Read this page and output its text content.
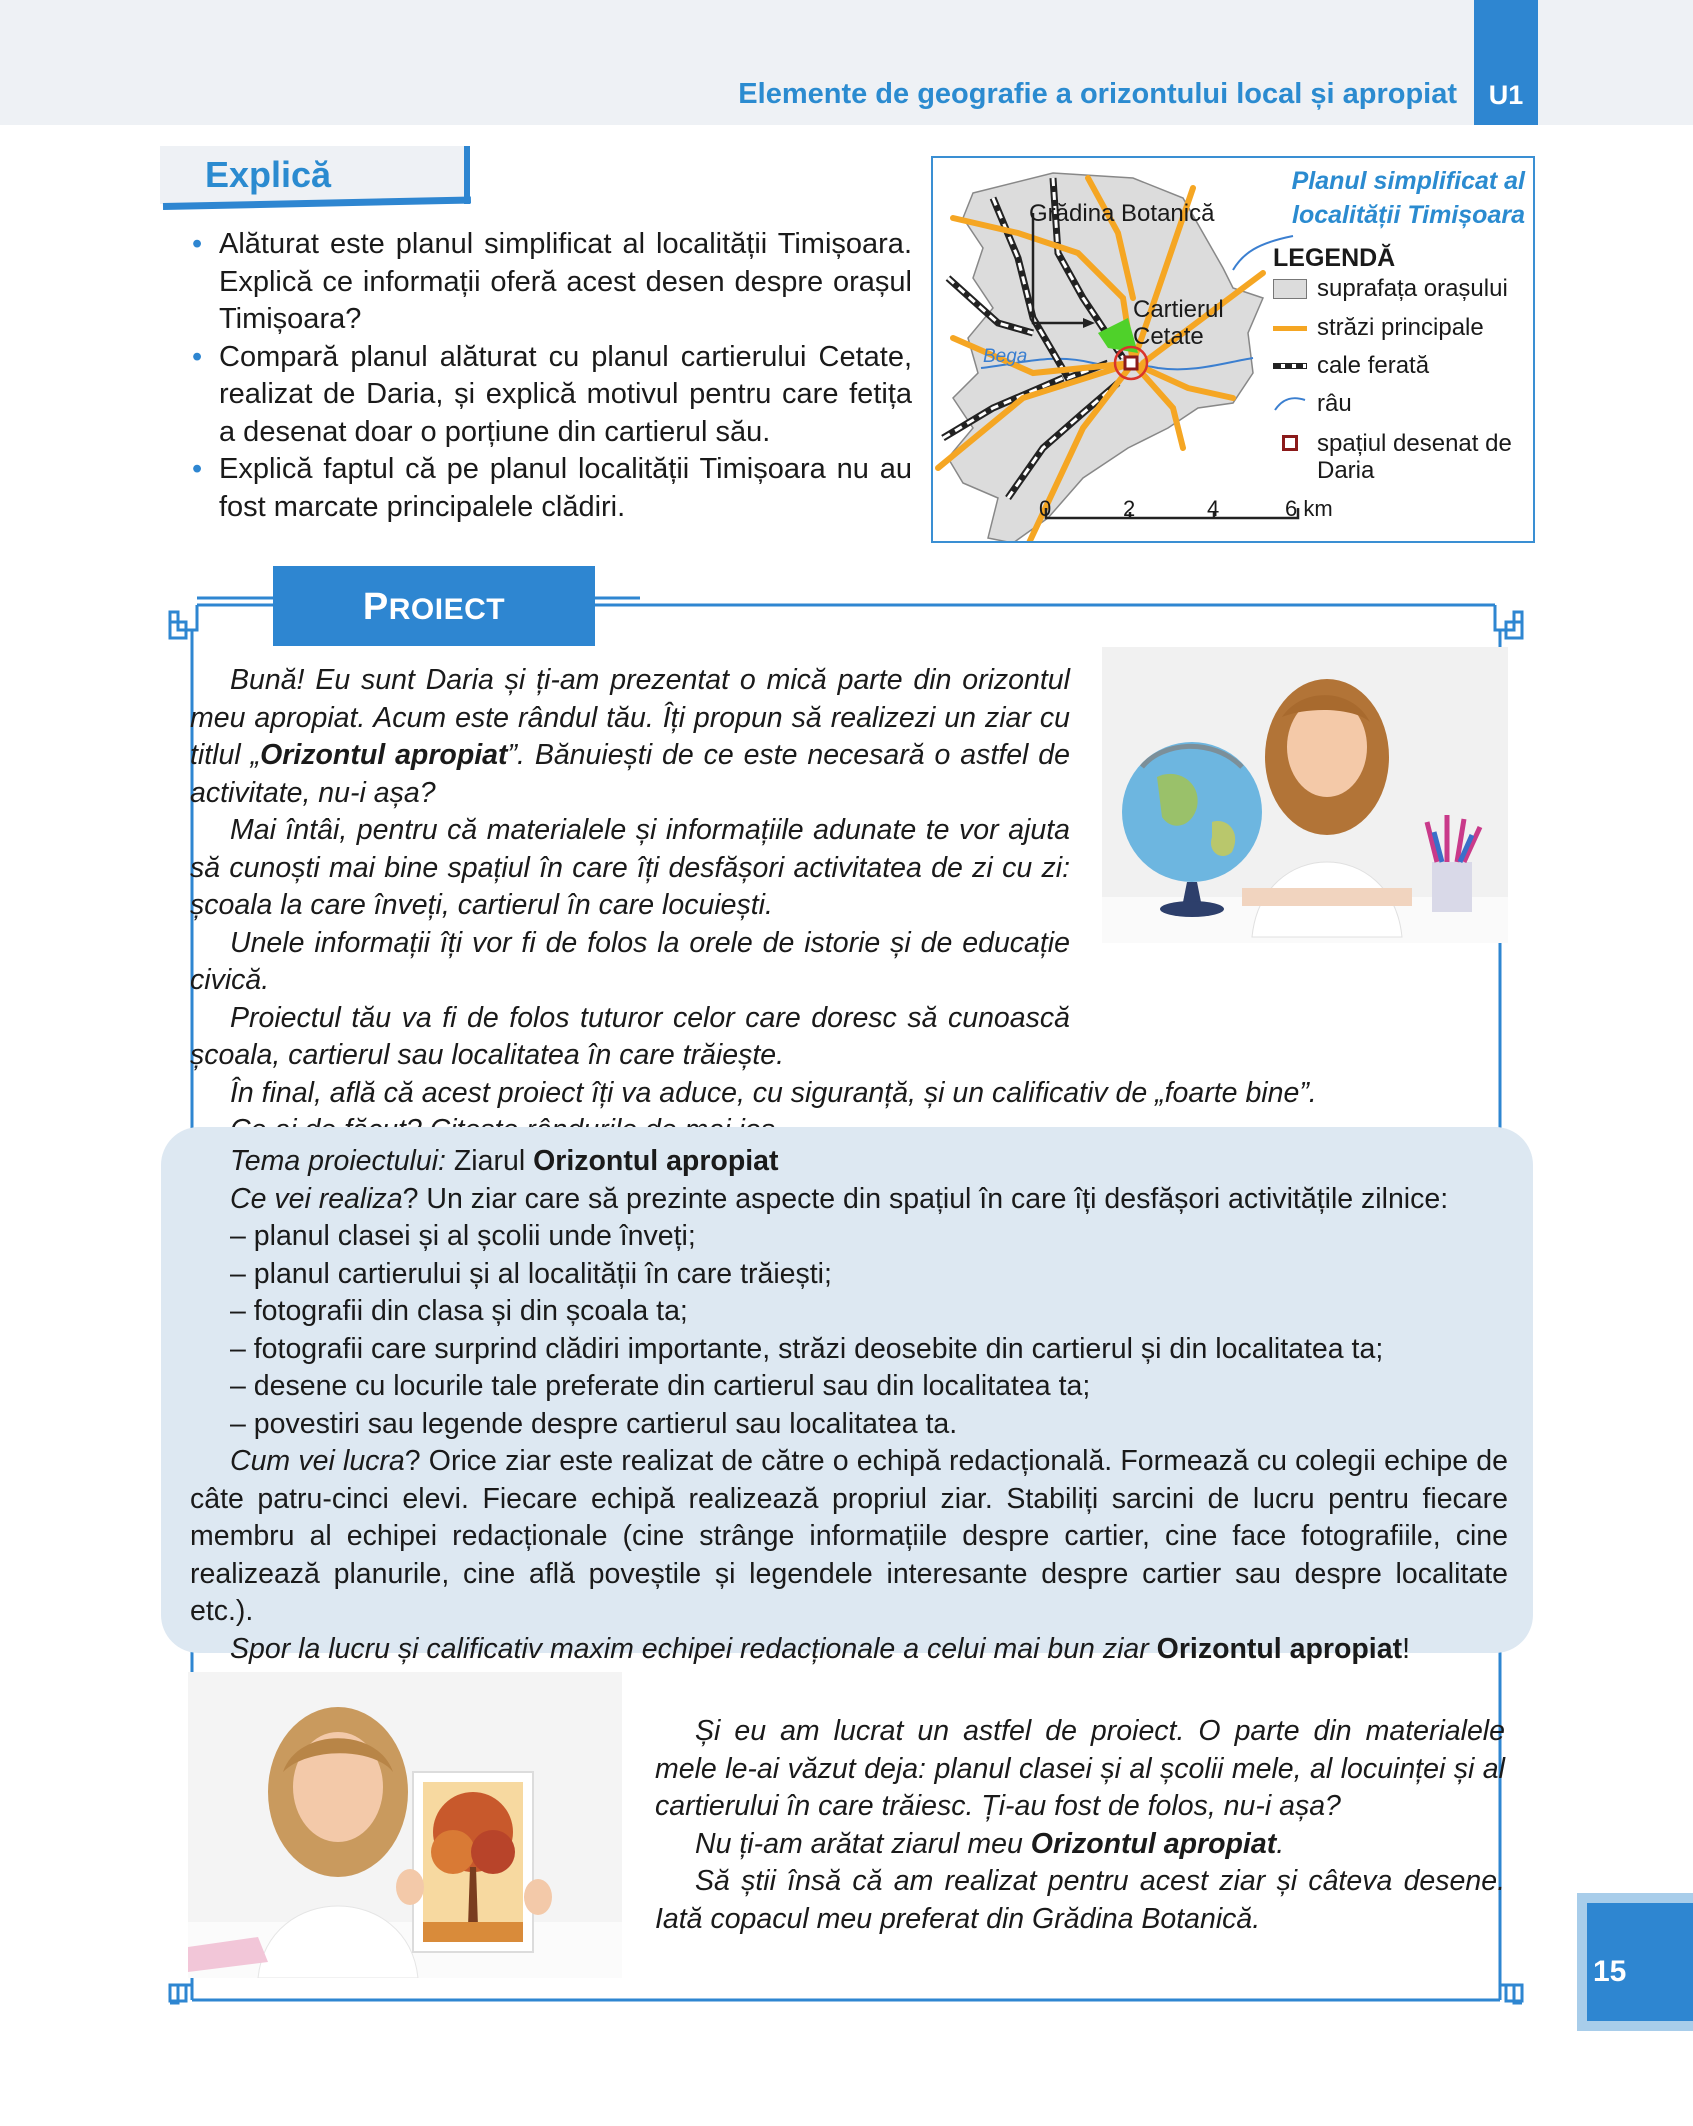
Elemente de geografie a orizontului local și apropiat	U1
Explică
• Alăturat este planul simplificat al localității Timișoara. Explică ce informații oferă acest desen despre orașul Timișoara?
• Compară planul alăturat cu planul cartierului Cetate, realizat de Daria, și explică motivul pentru care fetița a desenat doar o porțiune din cartierul său.
• Explică faptul că pe planul localității Timișoara nu au fost marcate principalele clădiri.
Planul simplificat al localității Timișoara
Grădina Botanică
Cartierul Cetate
Bega
LEGENDĂ
suprafața orașului
străzi principale
cale ferată
râu
spațiul desenat de Daria
0	2	4	6 km
PROIECT

Bună! Eu sunt Daria și ți-am prezentat o mică parte din orizontul meu apropiat. Acum este rândul tău. Îți propun să realizezi un ziar cu titlul „Orizontul apropiat”. Bănuiești de ce este necesară o astfel de activitate, nu-i așa?

Mai întâi, pentru că materialele și informațiile adunate te vor ajuta să cunoști mai bine spațiul în care îți desfășori activitatea de zi cu zi: școala la care înveți, cartierul în care locuiești.

Unele informații îți vor fi de folos la orele de istorie și de educație civică.

Proiectul tău va fi de folos tuturor celor care doresc să cunoască școala, cartierul sau localitatea în care trăiește.

În final, află că acest proiect îți va aduce, cu siguranță, și un calificativ de „foarte bine”.

Tema proiectului: Ziarul Orizontul apropiat

Ce vei realiza? Un ziar care să prezinte aspecte din spațiul în care îți desfășori activitățile zilnice:

– planul clasei și al școlii unde înveți;

– planul cartierului și al localității în care trăiești;

– fotografii din clasa și din școala ta;

– fotografii care surprind clădiri importante, străzi deosebite din cartierul și din localitatea ta;

– desene cu locurile tale preferate din cartierul sau din localitatea ta;

– povestiri sau legende despre cartierul sau localitatea ta.

Cum vei lucra? Orice ziar este realizat de către o echipă redacțională. Formează cu colegii echipe de câte patru-cinci elevi. Fiecare echipă realizează propriul ziar. Stabiliți sarcini de lucru pentru fiecare membru al echipei redacționale (cine strânge informațiile despre cartier, cine face fotografiile, cine realizează planurile, cine află poveștile și legendele interesante despre cartier sau despre localitate etc.).

Spor la lucru și calificativ maxim echipei redacționale a celui mai bun ziar Orizontul apropiat!

Și eu am lucrat un astfel de proiect. O parte din materialele mele le-ai văzut deja: planul clasei și al școlii mele, al locuinței și al cartierului în care trăiesc. Ți-au fost de folos, nu-i așa?

Nu ți-am arătat ziarul meu Orizontul apropiat.

Să știi însă că am realizat pentru acest ziar și câteva desene. Iată copacul meu preferat din Grădina Botanică.

15
